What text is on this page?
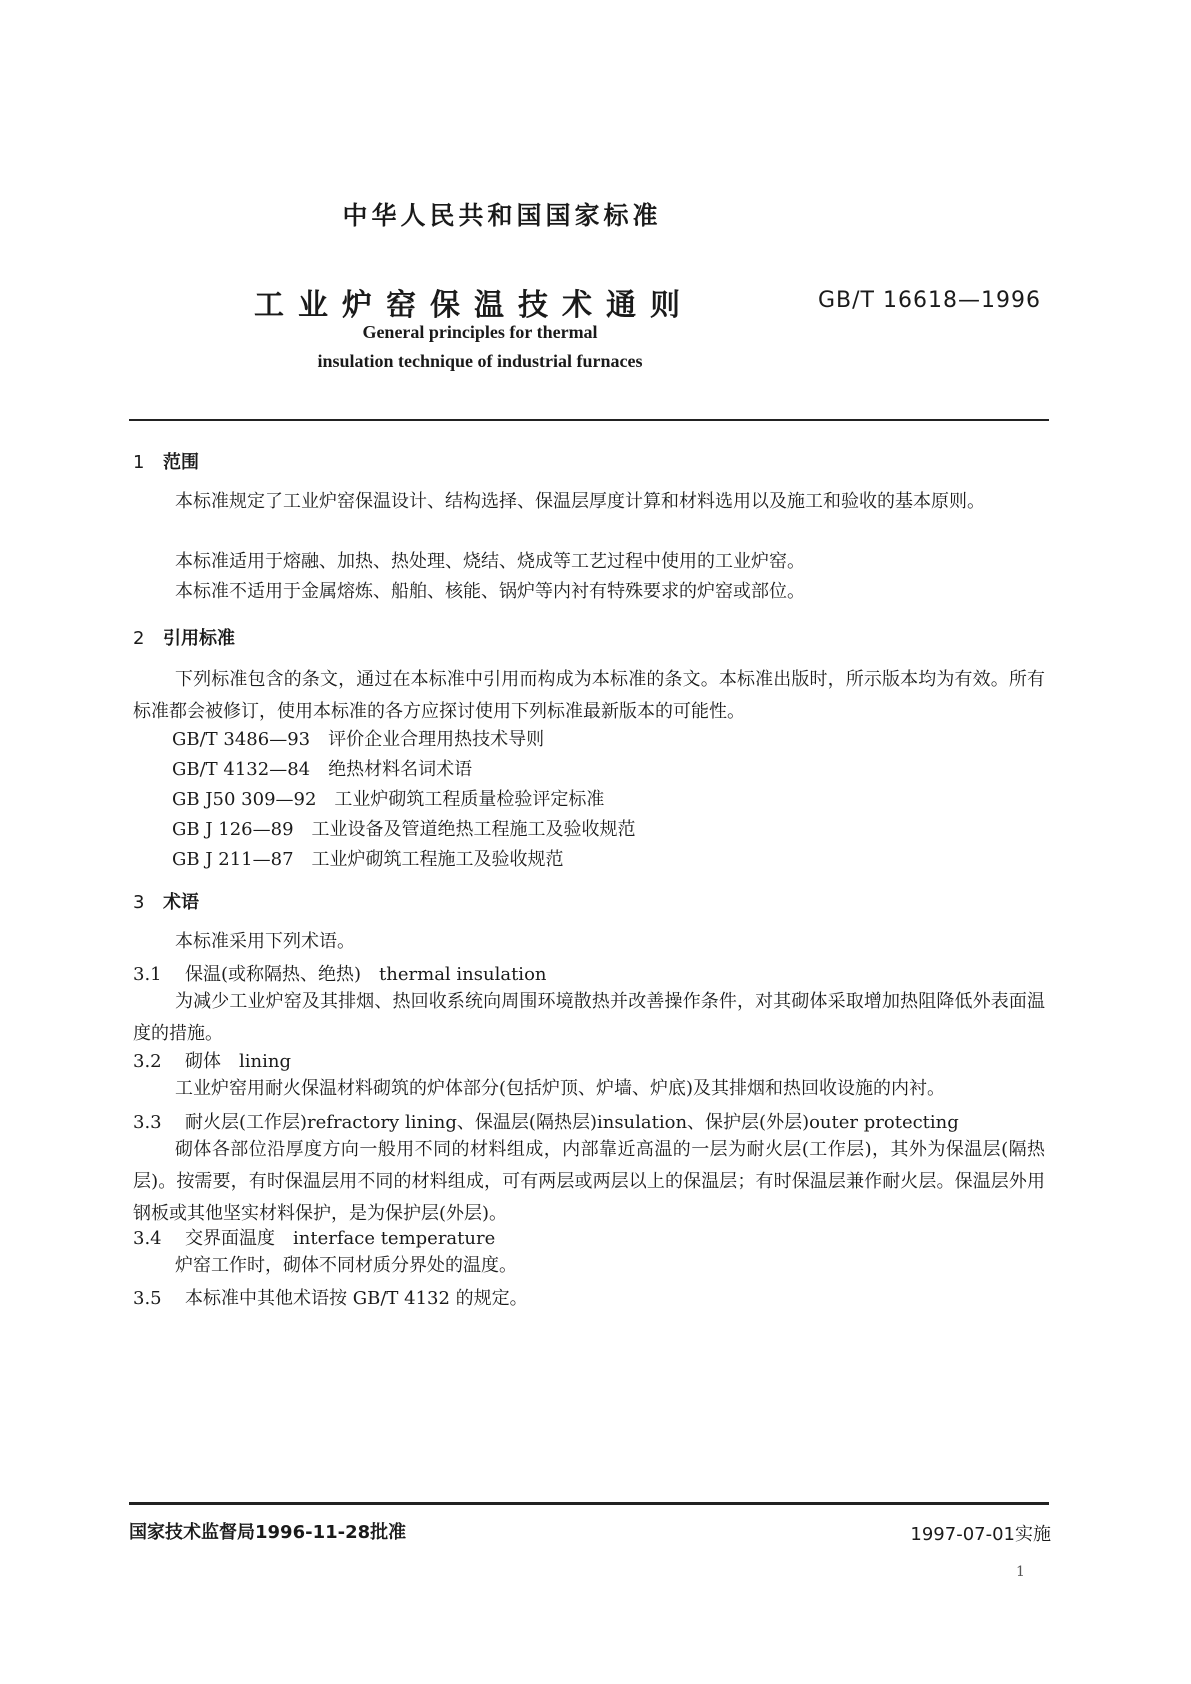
中华人民共和国国家标准
工业炉窑保温技术通则	GB/T 16618—1996
General principles for thermal
insulation technique of industrial furnaces
1 范围
本标准规定了工业炉窑保温设计、结构选择、保温层厚度计算和材料选用以及施工和验收的基本原则。
本标准适用于熔融、加热、热处理、烧结、烧成等工艺过程中使用的工业炉窑。
本标准不适用于金属熔炼、船舶、核能、锅炉等内衬有特殊要求的炉窑或部位。
2 引用标准
下列标准包含的条文，通过在本标准中引用而构成为本标准的条文。本标准出版时，所示版本均为有效。所有标准都会被修订，使用本标准的各方应探讨使用下列标准最新版本的可能性。
GB/T 3486—93　评价企业合理用热技术导则
GB/T 4132—84　绝热材料名词术语
GB J50 309—92　工业炉砌筑工程质量检验评定标准
GB J 126—89　工业设备及管道绝热工程施工及验收规范
GB J 211—87　工业炉砌筑工程施工及验收规范
3 术语
本标准采用下列术语。
3.1 保温(或称隔热、绝热)　thermal insulation
为减少工业炉窑及其排烟、热回收系统向周围环境散热并改善操作条件，对其砌体采取增加热阻降低外表面温度的措施。
3.2 砌体　lining
工业炉窑用耐火保温材料砌筑的炉体部分(包括炉顶、炉墙、炉底)及其排烟和热回收设施的内衬。
3.3 耐火层(工作层)refractory lining、保温层(隔热层)insulation、保护层(外层)outer protecting
砌体各部位沿厚度方向一般用不同的材料组成，内部靠近高温的一层为耐火层(工作层)，其外为保温层(隔热层)。按需要，有时保温层用不同的材料组成，可有两层或两层以上的保温层；有时保温层兼作耐火层。保温层外用钢板或其他坚实材料保护，是为保护层(外层)。
3.4 交界面温度　interface temperature
炉窑工作时，砌体不同材质分界处的温度。
3.5 本标准中其他术语按 GB/T 4132 的规定。
国家技术监督局1996-11-28批准	1997-07-01实施
1
